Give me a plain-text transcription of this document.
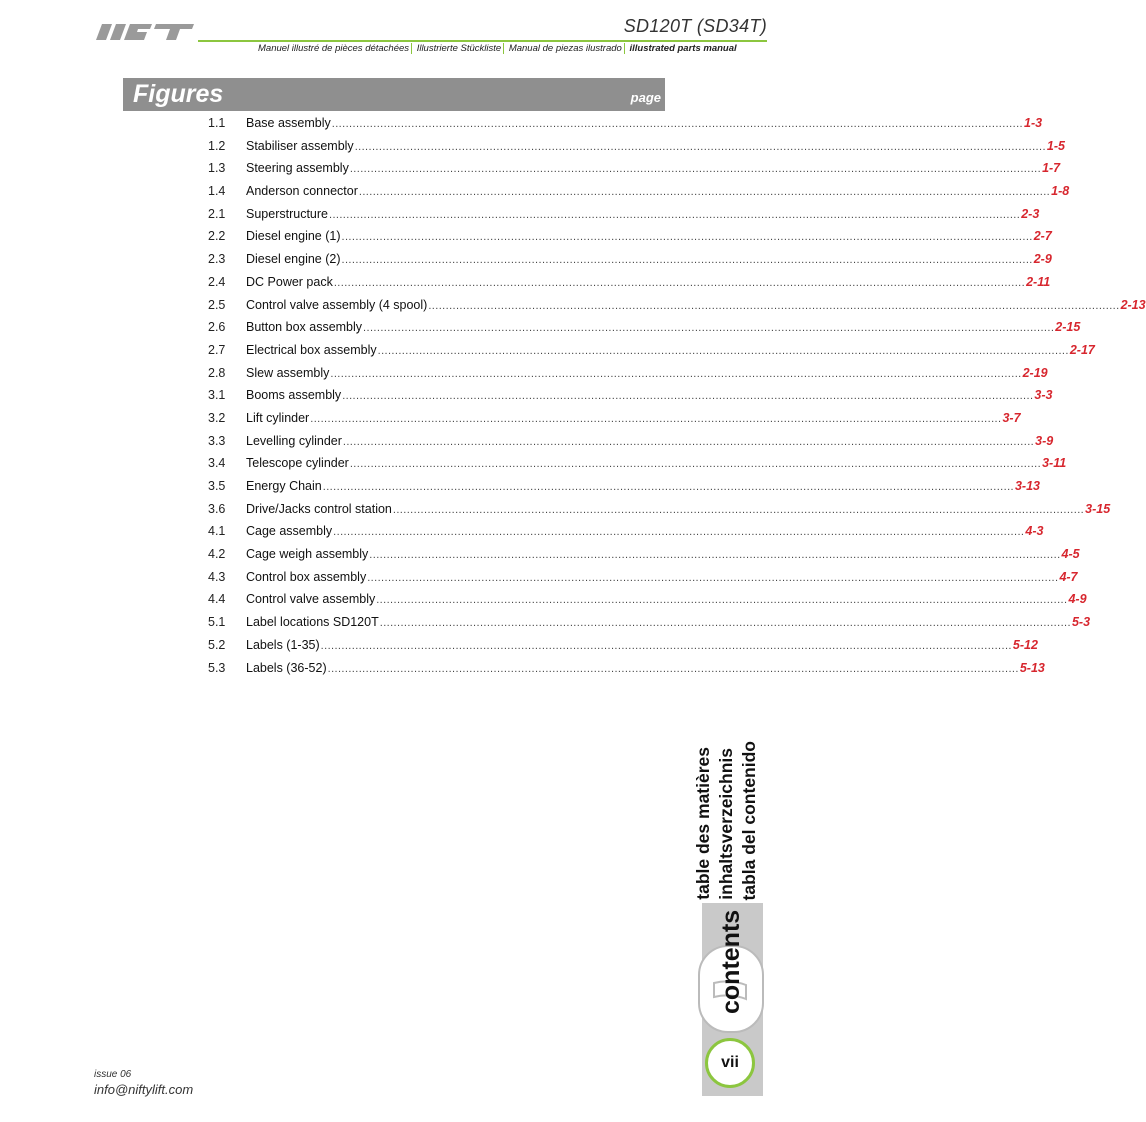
SD120T (SD34T)
Manuel illustré de pièces détachées Illustrierte Stückliste Manual de piezas ilustrado illustrated parts manual
Figures	page
1.1	Base assembly ........................................................................................................................................................................................................ 1-3
1.2	Stabiliser assembly ........................................................................................................................................................................................................ 1-5
1.3	Steering assembly ........................................................................................................................................................................................................ 1-7
1.4	Anderson connector ........................................................................................................................................................................................................ 1-8
2.1	Superstructure ........................................................................................................................................................................................................ 2-3
2.2	Diesel engine (1) ........................................................................................................................................................................................................ 2-7
2.3	Diesel engine (2) ........................................................................................................................................................................................................ 2-9
2.4	DC Power pack ........................................................................................................................................................................................................ 2-11
2.5	Control valve assembly (4 spool) ........................................................................................................................................................................................................ 2-13
2.6	Button box assembly ........................................................................................................................................................................................................ 2-15
2.7	Electrical box assembly ........................................................................................................................................................................................................ 2-17
2.8	Slew assembly ........................................................................................................................................................................................................ 2-19
3.1	Booms assembly ........................................................................................................................................................................................................ 3-3
3.2	Lift cylinder ........................................................................................................................................................................................................ 3-7
3.3	Levelling cylinder ........................................................................................................................................................................................................ 3-9
3.4	Telescope cylinder ........................................................................................................................................................................................................ 3-11
3.5	Energy Chain ........................................................................................................................................................................................................ 3-13
3.6	Drive/Jacks control station ........................................................................................................................................................................................................ 3-15
4.1	Cage assembly ........................................................................................................................................................................................................ 4-3
4.2	Cage weigh assembly ........................................................................................................................................................................................................ 4-5
4.3	Control box assembly ........................................................................................................................................................................................................ 4-7
4.4	Control valve assembly ........................................................................................................................................................................................................ 4-9
5.1	Label locations SD120T ........................................................................................................................................................................................................ 5-3
5.2	Labels (1-35) ........................................................................................................................................................................................................ 5-12
5.3	Labels (36-52) ........................................................................................................................................................................................................ 5-13
table des matières inhaltsverzeichnis tabla del contenido
contents
vii
issue 06
info@niftylift.com
